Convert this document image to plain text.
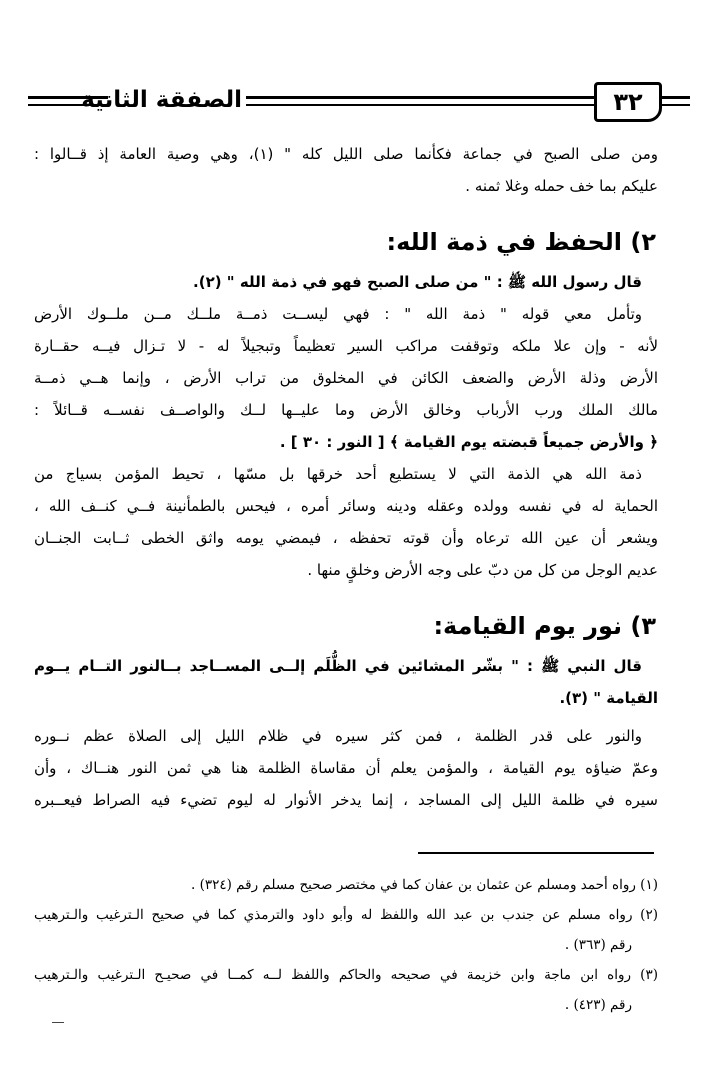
٣٢
الصفقة الثانية
ومن صلى الصبح في جماعة فكأنما صلى الليل كله " (١)، وهي وصية العامة إذ قــالوا :
عليكم بما خف حمله وغلا ثمنه .
٢) الحفظ في ذمة الله:
قال رسول الله ﷺ : " من صلى الصبح فهو في ذمة الله " (٢).
وتأمل معي قوله " ذمة الله " : فهي ليســت ذمــة ملــك مــن ملــوك الأرض
لأنه - وإن علا ملكه وتوقفت مراكب السير تعظيماً وتبجيلاً له - لا تـزال فيــه حقــارة
الأرض وذلة الأرض والضعف الكائن في المخلوق من تراب الأرض ، وإنما هــي ذمــة
مالك الملك ورب الأرباب وخالق الأرض وما عليــها لــك والواصــف نفســه قــائلاً :
﴿ والأرض جميعاً قبضته يوم القيامة ﴾ [ النور : ٣٠ ] .
ذمة الله هي الذمة التي لا يستطيع أحد خرقها بل مسّها ، تحيط المؤمن بسياج من
الحماية له في نفسه وولده وعقله ودينه وسائر أمره ، فيحس بالطمأنينة فــي كنــف الله ،
ويشعر أن عين الله ترعاه وأن قوته تحفظه ، فيمضي يومه واثق الخطى ثــابت الجنــان
عديم الوجل من كل من دبّ على وجه الأرض وخلقٍ منها .
٣) نور يوم القيامة:
قال النبي ﷺ : " بشّر المشائين في الظُّلَم إلــى المســاجد بــالنور التــام يــوم
القيامة " (٣).
والنور على قدر الظلمة ، فمن كثر سيره في ظلام الليل إلى الصلاة عظم نــوره
وعمّ ضياؤه يوم القيامة ، والمؤمن يعلم أن مقاساة الظلمة هنا هي ثمن النور هنــاك ، وأن
سيره في ظلمة الليل إلى المساجد ، إنما يدخر الأنوار له ليوم تضيء فيه الصراط فيعــبره
(١) رواه أحمد ومسلم عن عثمان بن عفان كما في مختصر صحيح مسلم رقم (٣٢٤) .
(٢) رواه مسلم عن جندب بن عبد الله واللفظ له وأبو داود والترمذي كما في صحيح الـترغيب والـترهيب
رقم (٣٦٣) .
(٣) رواه ابن ماجة وابن خزيمة في صحيحه والحاكم واللفظ لــه كمــا في صحيـح الـترغيب والـترهيب
رقم (٤٢٣) .
